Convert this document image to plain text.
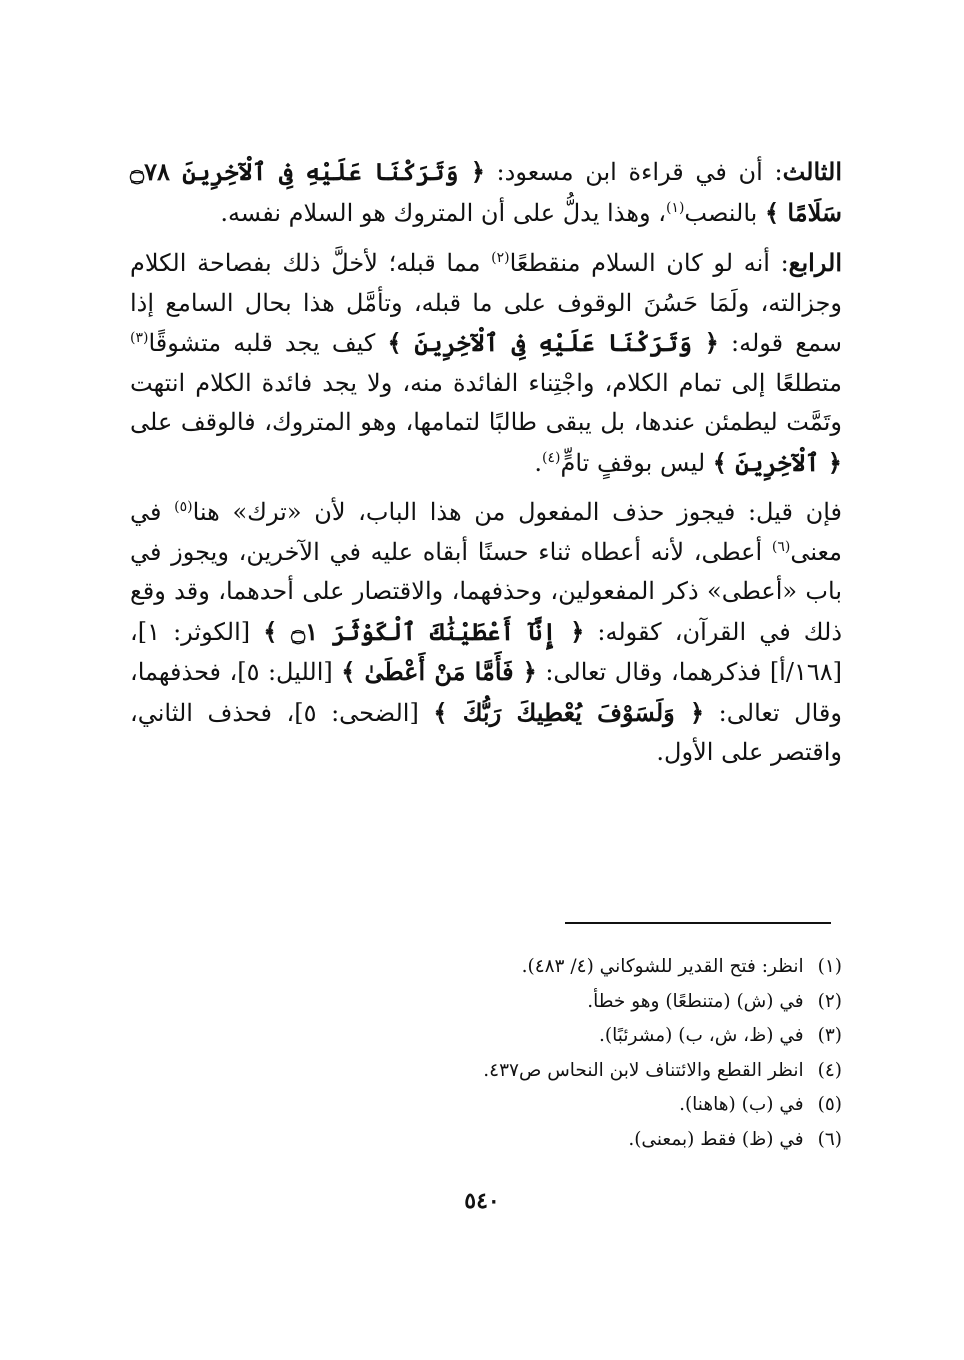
الثالث: أن في قراءة ابن مسعود: ﴿ وَتَرَكْنَا عَلَيْهِ فِى ٱلْآخِرِينَ ۝٧٨ سَلَامًا ﴾ بالنصب$^{(١)}$، وهذا يدلُّ على أن المتروك هو السلام نفسه.

الرابع: أنه لو كان السلام منقطعًا$^{(٢)}$ مما قبله؛ لأخلَّ ذلك بفصاحة الكلام وجزالته، ولَمَا حَسُنَ الوقوف على ما قبله، وتأمَّل هذا بحال السامع إذا سمع قوله: ﴿ وَتَرَكْنَا عَلَيْهِ فِى ٱلْآخِرِينَ ﴾ كيف يجد قلبه متشوقًا$^{(٣)}$ متطلعًا إلى تمام الكلام، واجْتِناء الفائدة منه، ولا يجد فائدة الكلام انتهت وتَمَّت ليطمئن عندها، بل يبقى طالبًا لتمامها، وهو المتروك، فالوقف على ﴿ ٱلْآخِرِينَ ﴾ ليس بوقفٍ تامٍّ$^{(٤)}$.

فإن قيل: فيجوز حذف المفعول من هذا الباب، لأن «ترك» هنا$^{(٥)}$ في معنى$^{(٦)}$ أعطى، لأنه أعطاه ثناء حسنًا أبقاه عليه في الآخرين، ويجوز في باب «أعطى» ذكر المفعولين، وحذفهما، والاقتصار على أحدهما، وقد وقع ذلك في القرآن، كقوله: ﴿ إِنَّآ أَعْطَيْنَٰكَ ٱلْكَوْثَرَ ۝١ ﴾ [الكوثر: ١]، [١٦٨/أ] فذكرهما، وقال تعالى: ﴿ فَأَمَّا مَنْ أَعْطَىٰ ﴾ [الليل: ٥]، فحذفهما، وقال تعالى: ﴿ وَلَسَوْفَ يُعْطِيكَ رَبُّكَ ﴾ [الضحى: ٥]، فحذف الثاني، واقتصر على الأول.

(١)انظر: فتح القدير للشوكاني (٤/ ٤٨٣).
(٢)في (ش) (متنطعًا) وهو خطأ.
(٣)في (ظ، ش، ب) (مشرئبًا).
(٤)انظر القطع والائتناف لابن النحاس ص٤٣٧.
(٥)في (ب) (هاهنا).
(٦)في (ظ) فقط (بمعنى).
٥٤٠
